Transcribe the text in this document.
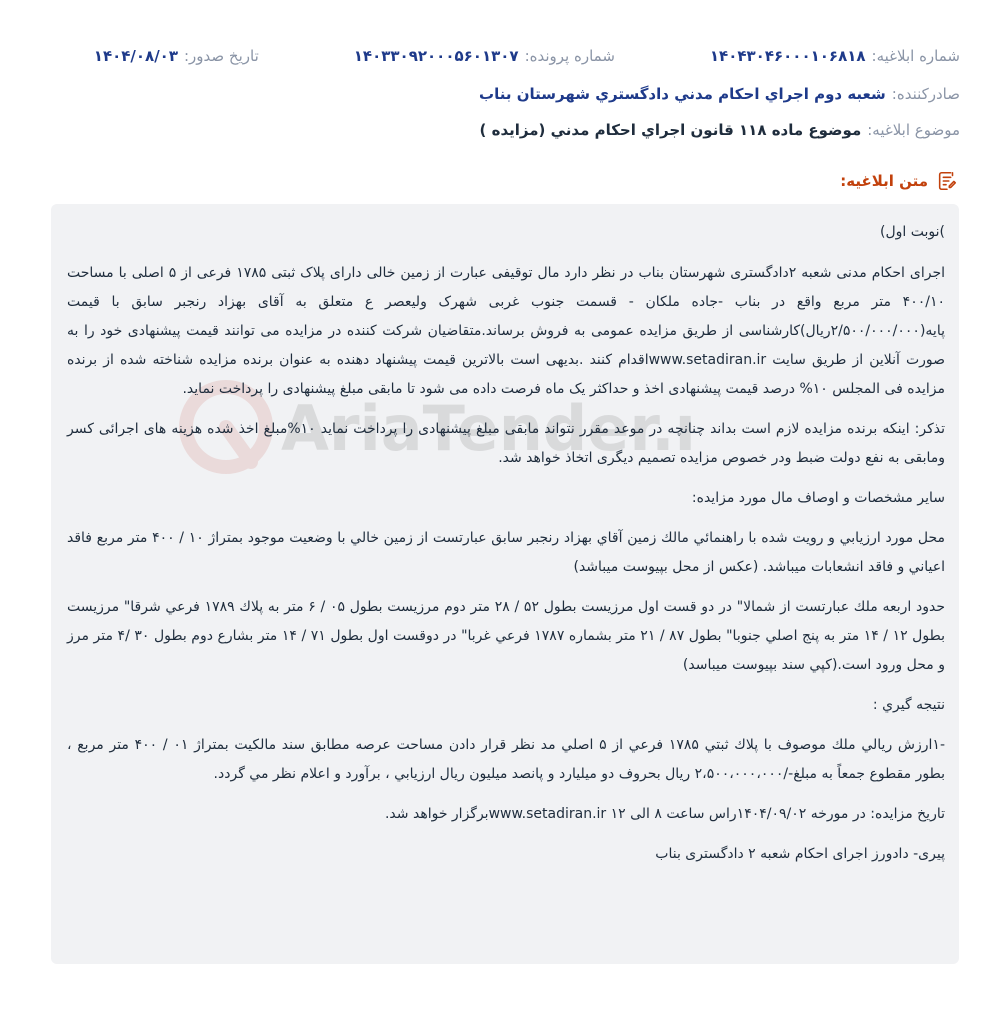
شماره ابلاغيه:
۱۴۰۴۳۰۴۶۰۰۰۱۰۶۸۱۸
شماره پرونده:
۱۴۰۳۳۰۹۲۰۰۰۵۶۰۱۳۰۷
تاریخ صدور:
۱۴۰۴/۰۸/۰۳
صادرکننده:
شعبه دوم اجراي احكام مدني دادگستري شهرستان بناب
موضوع ابلاغيه:
موضوع ماده ۱۱۸ قانون اجراي احكام مدني (مزايده )
متن ابلاغیه:
AriaTender.

)نوبت اول)

اجرای احکام مدنی شعبه ۲دادگستری شهرستان بناب در نظر دارد مال توقیفی عبارت از زمین خالی دارای پلاک ثبتی ۱۷۸۵ فرعی از ۵ اصلی با مساحت ۴۰۰/۱۰ متر مربع واقع در بناب -جاده ملکان - قسمت جنوب غربی شهرک ولیعصر ع متعلق به آقای بهزاد رنجبر سابق با قیمت پایه(۲/۵۰۰/۰۰۰/۰۰۰ریال)کارشناسی از طریق مزایده عمومی به فروش برساند.متقاضیان شرکت کننده در مزایده می توانند قیمت پیشنهادی خود را به صورت آنلاین از طریق سایت www.setadiran.irاقدام کنند .بدیهی است بالاترین قیمت پیشنهاد دهنده به عنوان برنده مزایده شناخته شده از برنده مزایده فی المجلس ۱۰% درصد قیمت پیشنهادی اخذ و حداکثر یک ماه فرصت داده می شود تا مابقی مبلغ پیشنهادی را پرداخت نماید.

تذکر: اینکه برنده مزایده لازم است بداند چنانچه در موعد مقرر نتواند مابقی مبلغ پیشنهادی را پرداخت نماید ۱۰%مبلغ اخذ شده هزینه های اجرائی کسر ومابقی به نفع دولت ضبط ودر خصوص مزایده تصمیم دیگری اتخاذ خواهد شد.

ساير مشخصات و اوصاف مال مورد مزايده:

محل مورد ارزيابي و رويت شده با راهنمائي مالك زمين آقاي بهزاد رنجبر سابق عبارتست از زمين خالي با وضعيت موجود بمتراژ ۱۰ / ۴۰۰ متر مربع فاقد اعياني و فاقد انشعابات ميباشد. (عكس از محل بپيوست ميباشد)

حدود اربعه ملك عبارتست از شمالا" در دو قست اول مرزيست بطول ۵۲ / ۲۸ متر دوم مرزيست بطول ۰۵ / ۶ متر به پلاك ۱۷۸۹ فرعي شرقا" مرزيست بطول ۱۲ / ۱۴ متر به پنج اصلي جنوبا" بطول ۸۷ / ۲۱ متر بشماره ۱۷۸۷ فرعي غربا" در دوقست اول بطول ۷۱ / ۱۴ متر بشارع دوم بطول ۳۰ /۴ متر مرز و محل ورود است.(كپي سند بپيوست ميباسد)

نتيجه گيري :

-۱ارزش ريالي ملك موصوف با پلاك ثبتي ۱۷۸۵ فرعي از ۵ اصلي مد نظر قرار دادن مساحت عرصه مطابق سند مالكيت بمتراژ ۰۱ / ۴۰۰ متر مربع ، بطور مقطوع جمعاً به مبلغ-/۲،۵۰۰،۰۰۰،۰۰۰ ريال بحروف دو ميليارد و پانصد ميليون ريال ارزيابي ، برآورد و اعلام نظر مي گردد.

تاریخ مزایده: در مورخه ۱۴۰۴/۰۹/۰۲راس ساعت ۸ الی ۱۲ www.setadiran.irبرگزار خواهد شد.

پیری- دادورز اجرای احکام شعبه ۲ دادگستری بناب
